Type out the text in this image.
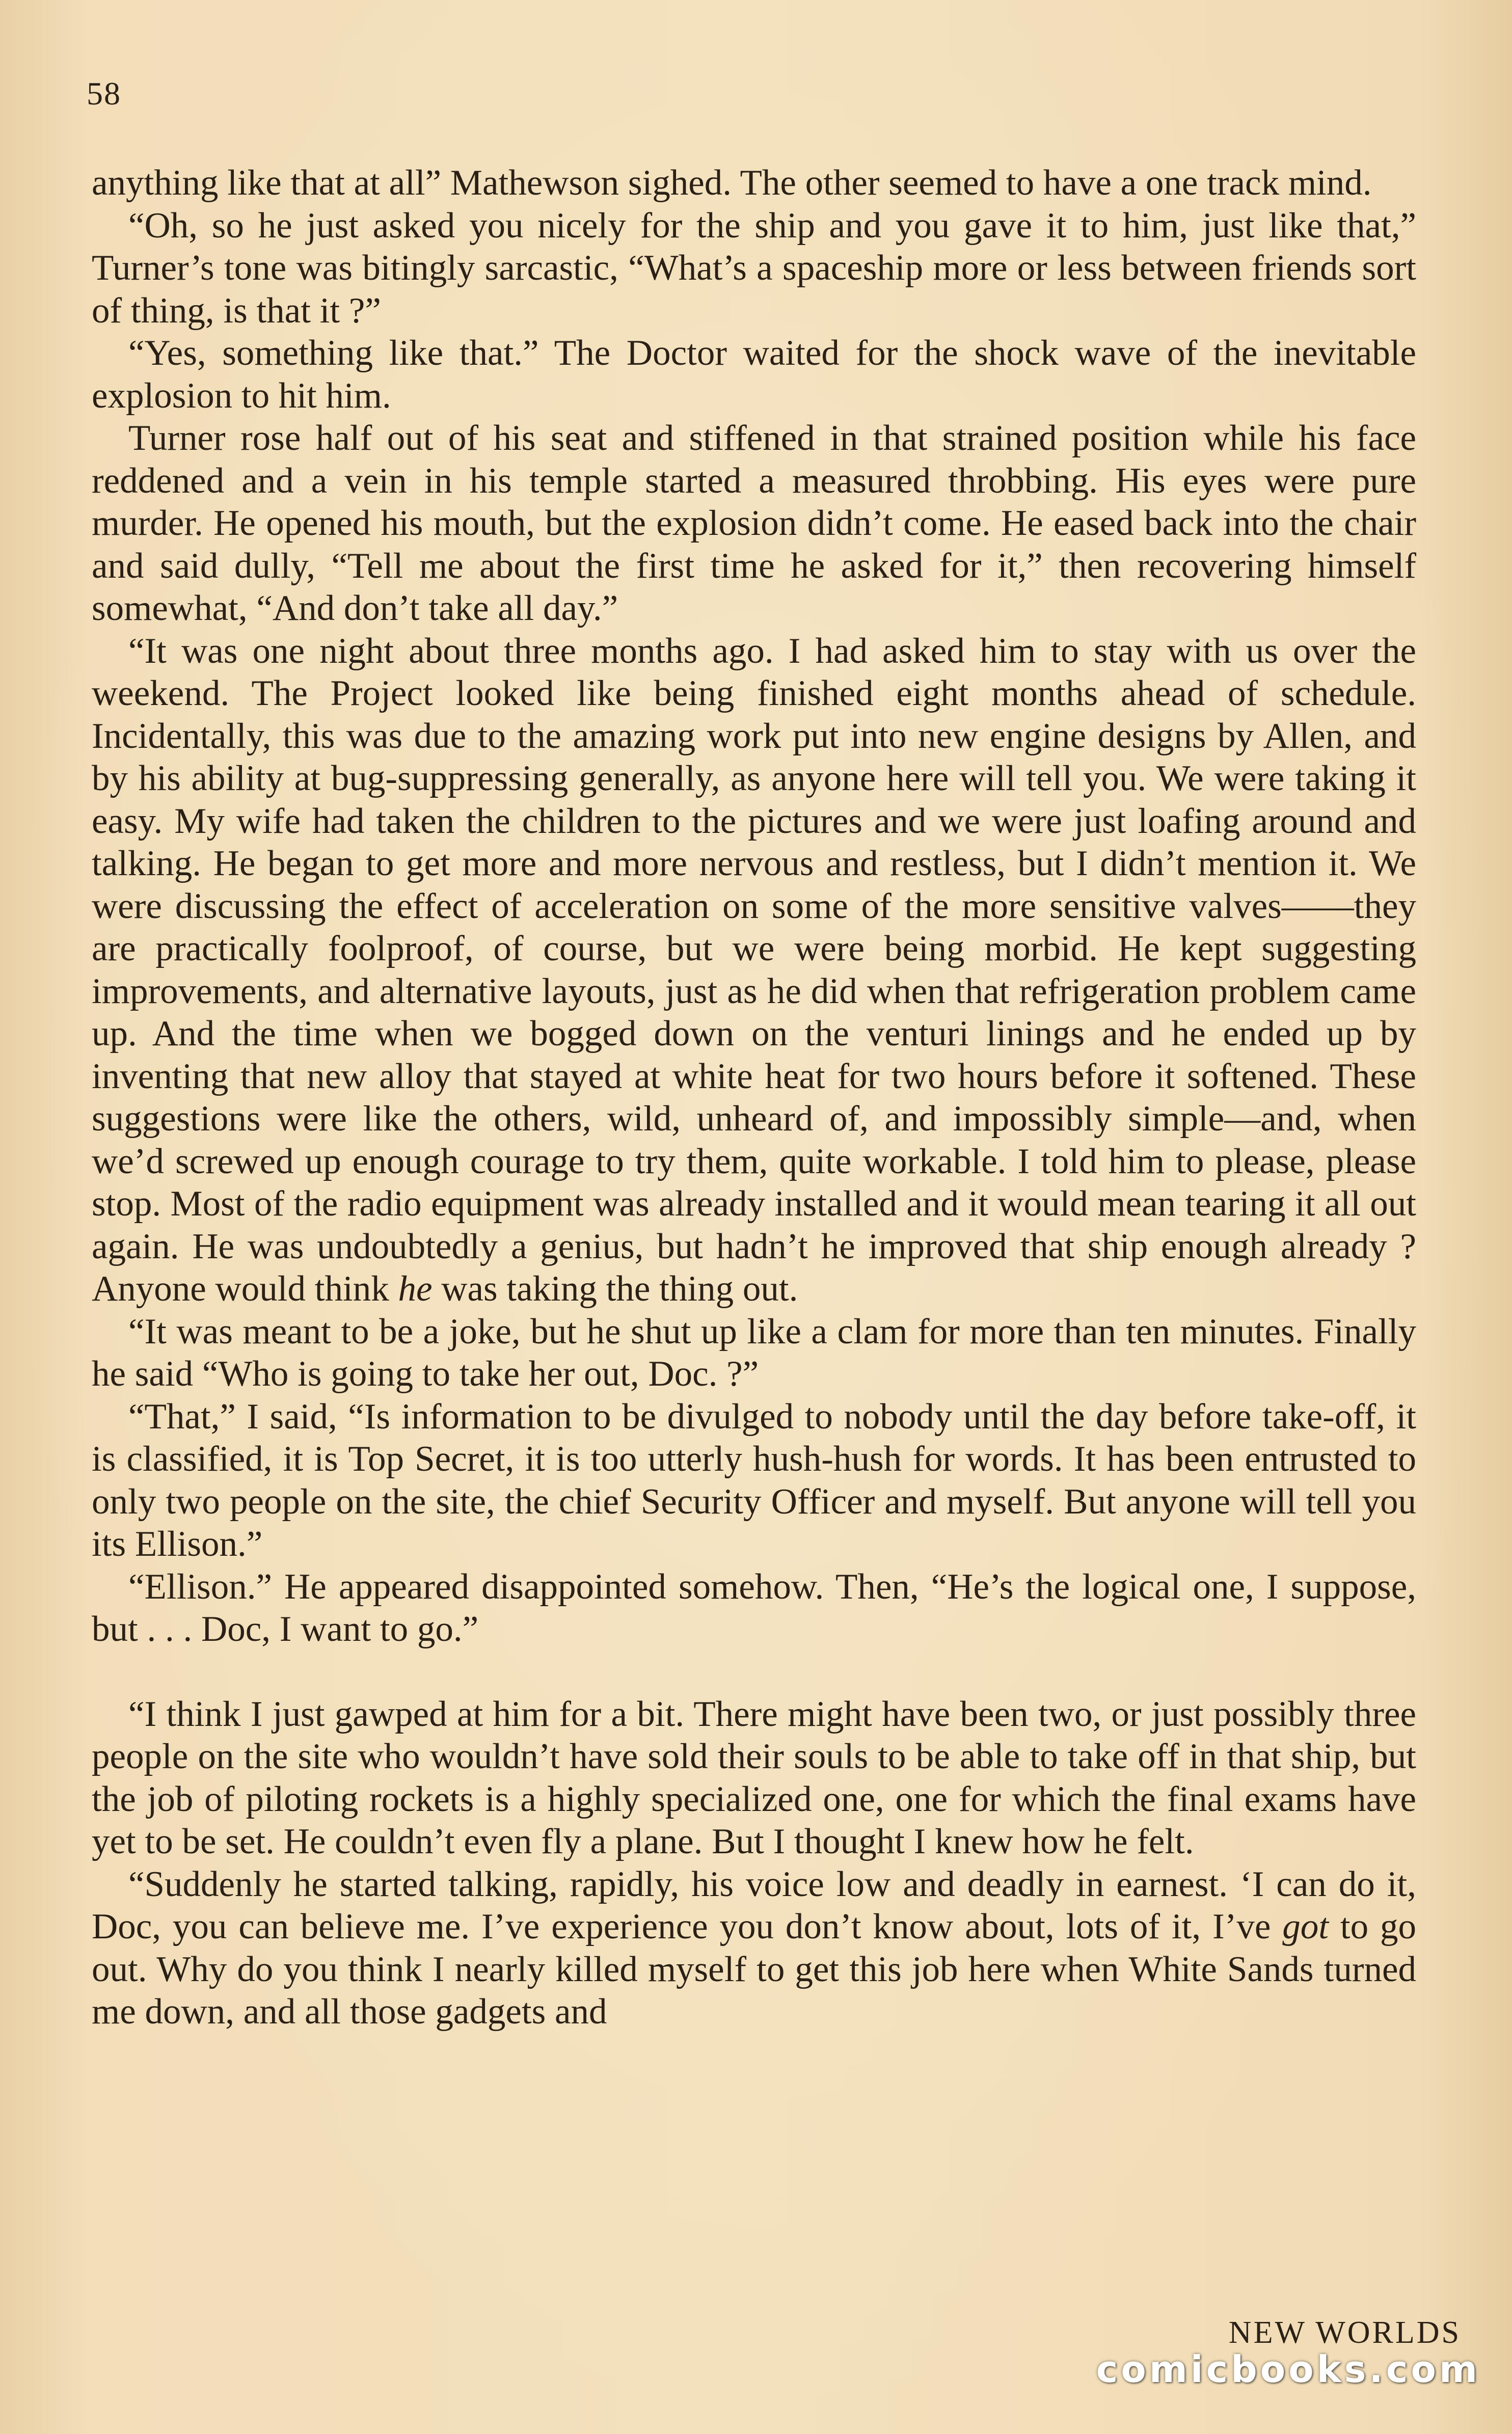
58

anything like that at all” Mathewson sighed. The other seemed to have a one track mind.

“Oh, so he just asked you nicely for the ship and you gave it to him, just like that,” Turner’s tone was bitingly sarcastic, “What’s a spaceship more or less between friends sort of thing, is that it ?”

“Yes, something like that.” The Doctor waited for the shock wave of the inevitable explosion to hit him.

Turner rose half out of his seat and stiffened in that strained position while his face reddened and a vein in his temple started a measured throbbing. His eyes were pure murder. He opened his mouth, but the explosion didn’t come. He eased back into the chair and said dully, “Tell me about the first time he asked for it,” then recovering himself somewhat, “And don’t take all day.”

“It was one night about three months ago. I had asked him to stay with us over the weekend. The Project looked like being finished eight months ahead of schedule. Incidentally, this was due to the amazing work put into new engine designs by Allen, and by his ability at bug-suppressing generally, as anyone here will tell you. We were taking it easy. My wife had taken the children to the pictures and we were just loafing around and talking. He began to get more and more nervous and restless, but I didn’t mention it. We were discussing the effect of acceleration on some of the more sensitive valves——they are practically foolproof, of course, but we were being morbid. He kept suggesting improvements, and alternative layouts, just as he did when that refrigeration problem came up. And the time when we bogged down on the venturi linings and he ended up by inventing that new alloy that stayed at white heat for two hours before it softened. These suggestions were like the others, wild, unheard of, and impossibly simple—and, when we’d screwed up enough courage to try them, quite workable. I told him to please, please stop. Most of the radio equipment was already installed and it would mean tearing it all out again. He was undoubtedly a genius, but hadn’t he improved that ship enough already ? Anyone would think he was taking the thing out.

“It was meant to be a joke, but he shut up like a clam for more than ten minutes. Finally he said “Who is going to take her out, Doc. ?”

“That,” I said, “Is information to be divulged to nobody until the day before take-off, it is classified, it is Top Secret, it is too utterly hush-hush for words. It has been entrusted to only two people on the site, the chief Security Officer and myself. But anyone will tell you its Ellison.”

“Ellison.” He appeared disappointed somehow. Then, “He’s the logical one, I suppose, but . . . Doc, I want to go.”

“I think I just gawped at him for a bit. There might have been two, or just possibly three people on the site who wouldn’t have sold their souls to be able to take off in that ship, but the job of piloting rockets is a highly specialized one, one for which the final exams have yet to be set. He couldn’t even fly a plane. But I thought I knew how he felt.

“Suddenly he started talking, rapidly, his voice low and deadly in earnest. ‘I can do it, Doc, you can believe me. I’ve experience you don’t know about, lots of it, I’ve got to go out. Why do you think I nearly killed myself to get this job here when White Sands turned me down, and all those gadgets and

NEW WORLDS
comicbooks.com
